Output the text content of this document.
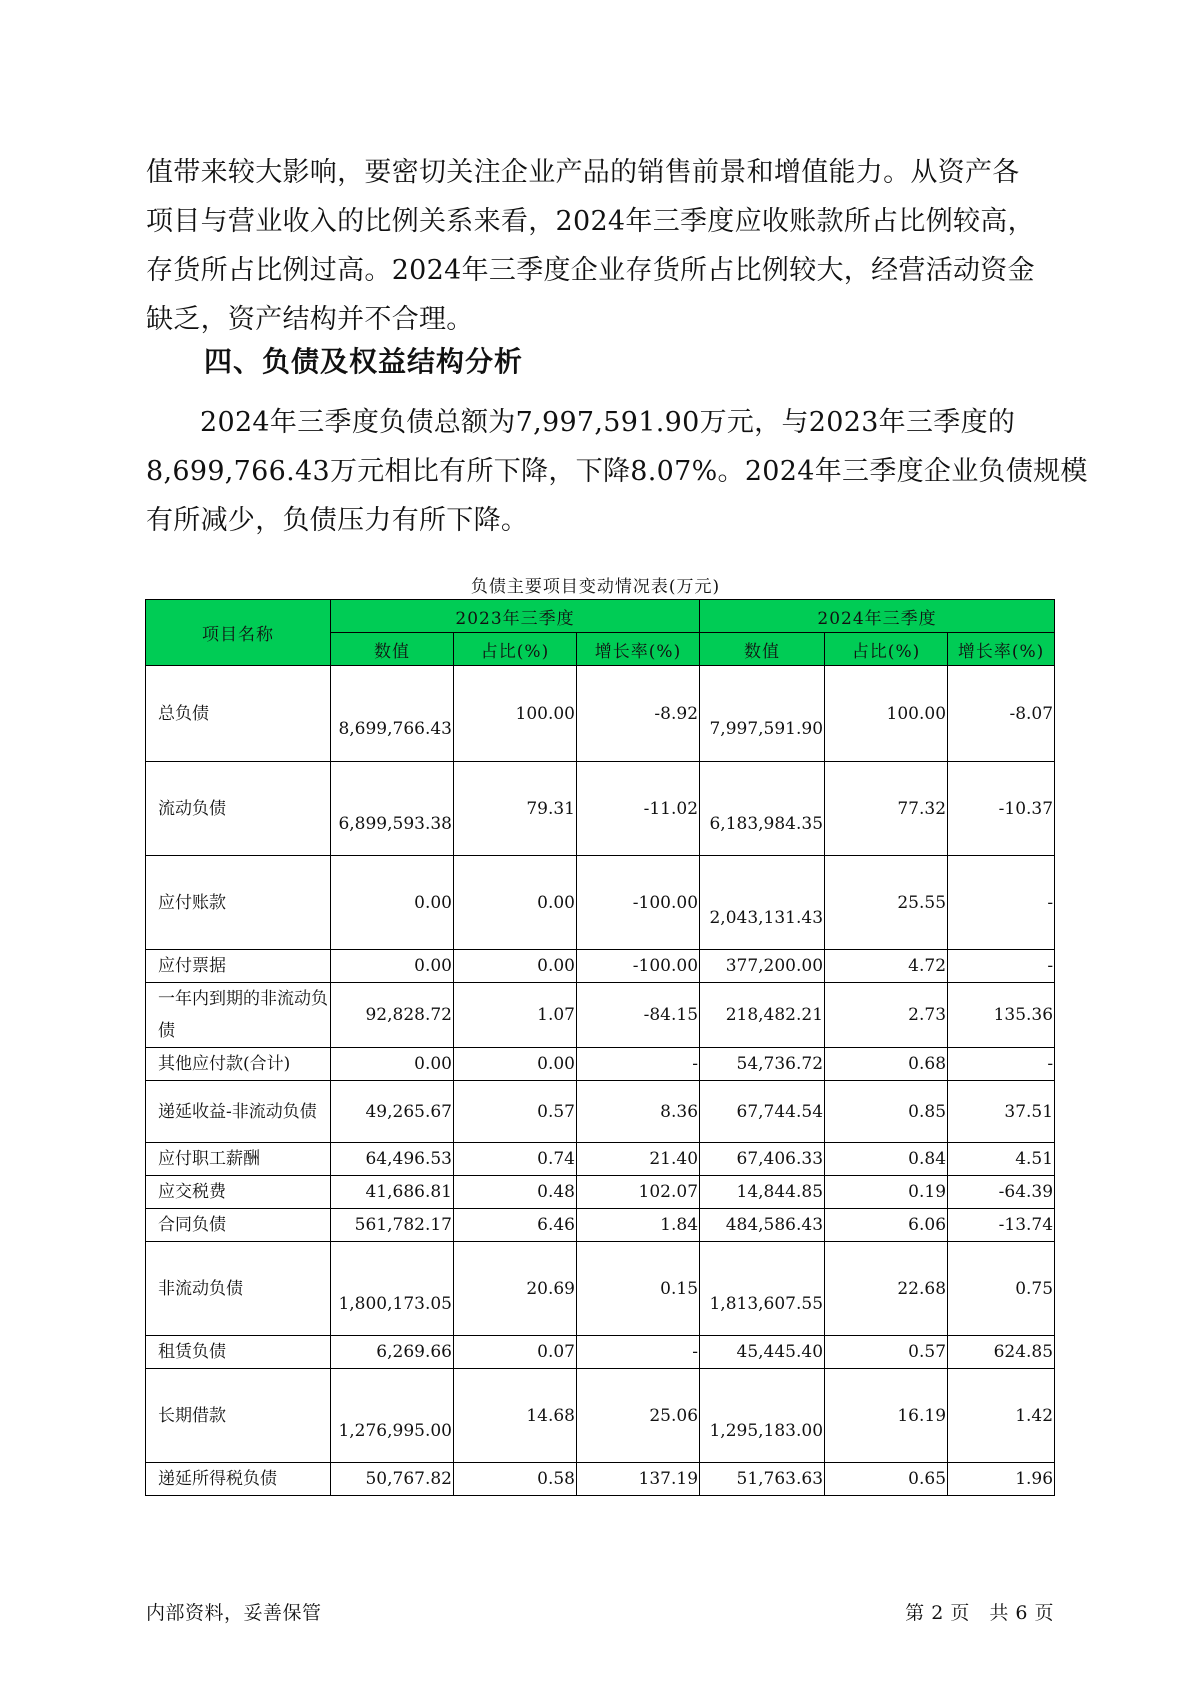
值带来较大影响，要密切关注企业产品的销售前景和增值能力。从资产各
项目与营业收入的比例关系来看，2024年三季度应收账款所占比例较高，
存货所占比例过高。2024年三季度企业存货所占比例较大，经营活动资金
缺乏，资产结构并不合理。
四、负债及权益结构分析
2024年三季度负债总额为7,997,591.90万元，与2023年三季度的
8,699,766.43万元相比有所下降，下降8.07%。2024年三季度企业负债规模
有所减少，负债压力有所下降。
负债主要项目变动情况表(万元)
项目名称	2023年三季度			2024年三季度		
	数值	占比(%)	增长率(%)	数值	占比(%)	增长率(%)
总负债	8,699,766.43	100.00	-8.92	7,997,591.90	100.00	-8.07

流动负债	6,899,593.38	79.31	-11.02	6,183,984.35	77.32	-10.37

应付账款	0.00	0.00	-100.00	2,043,131.43	25.55	-

应付票据	0.00	0.00	-100.00	377,200.00	4.72	-

一年内到期的非流动负债	92,828.72	1.07	-84.15	218,482.21	2.73	135.36

其他应付款(合计)	0.00	0.00	-	54,736.72	0.68	-

递延收益-非流动负债	49,265.67	0.57	8.36	67,744.54	0.85	37.51

应付职工薪酬	64,496.53	0.74	21.40	67,406.33	0.84	4.51

应交税费	41,686.81	0.48	102.07	14,844.85	0.19	-64.39

合同负债	561,782.17	6.46	1.84	484,586.43	6.06	-13.74

非流动负债	1,800,173.05	20.69	0.15	1,813,607.55	22.68	0.75

租赁负债	6,269.66	0.07	-	45,445.40	0.57	624.85

长期借款	1,276,995.00	14.68	25.06	1,295,183.00	16.19	1.42

递延所得税负债	50,767.82	0.58	137.19	51,763.63	0.65	1.96
内部资料，妥善保管	第 2 页　共 6 页
